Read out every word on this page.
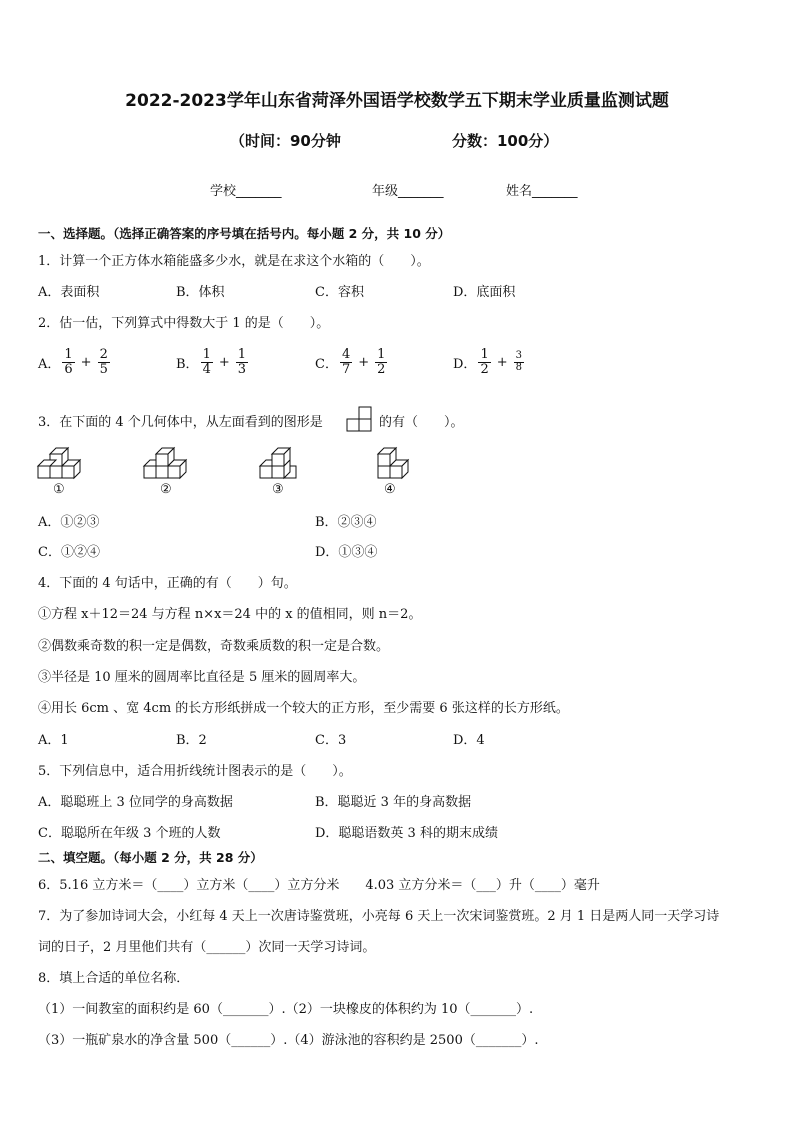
2022-2023学年山东省菏泽外国语学校数学五下期末学业质量监测试题
（时间：90分钟	分数：100分）
学校_______	年级_______	姓名_______
一、选择题。（选择正确答案的序号填在括号内。每小题 2 分，共 10 分）
1．计算一个正方体水箱能盛多少水，就是在求这个水箱的（　　）。
A．表面积	B．体积	C．容积	D．底面积
2．估一估，下列算式中得数大于 1 的是（　　）。
A． $\frac{1}{6} + \frac{2}{5}$	B． $\frac{1}{4} + \frac{1}{3}$	C． $\frac{4}{7} + \frac{1}{2}$	D． $\frac{1}{2} + \frac{3}{8}$
3．在下面的 4 个几何体中，从左面看到的图形是	的有（　　）。
①	②	③	④
A．①②③	B．②③④
C．①②④	D．①③④
4．下面的 4 句话中，正确的有（　　）句。
①方程 x＋12＝24 与方程 n×x＝24 中的 x 的值相同，则 n＝2。
②偶数乘奇数的积一定是偶数，奇数乘质数的积一定是合数。
③半径是 10 厘米的圆周率比直径是 5 厘米的圆周率大。
④用长 6cm 、宽 4cm 的长方形纸拼成一个较大的正方形，至少需要 6 张这样的长方形纸。
A．1	B．2	C．3	D．4
5．下列信息中，适合用折线统计图表示的是（　　）。
A．聪聪班上 3 位同学的身高数据	B．聪聪近 3 年的身高数据
C．聪聪所在年级 3 个班的人数	D．聪聪语数英 3 科的期末成绩
二、填空题。（每小题 2 分，共 28 分）
6．5.16 立方米＝（____）立方米（____）立方分米　　4.03 立方分米＝（___）升（____）毫升
7．为了参加诗词大会，小红每 4 天上一次唐诗鉴赏班，小亮每 6 天上一次宋词鉴赏班。2 月 1 日是两人同一天学习诗
词的日子，2 月里他们共有（______）次同一天学习诗词。
8．填上合适的单位名称．
（1）一间教室的面积约是 60（_______）.（2）一块橡皮的体积约为 10（_______）.
（3）一瓶矿泉水的净含量 500（______）.（4）游泳池的容积约是 2500（_______）.
